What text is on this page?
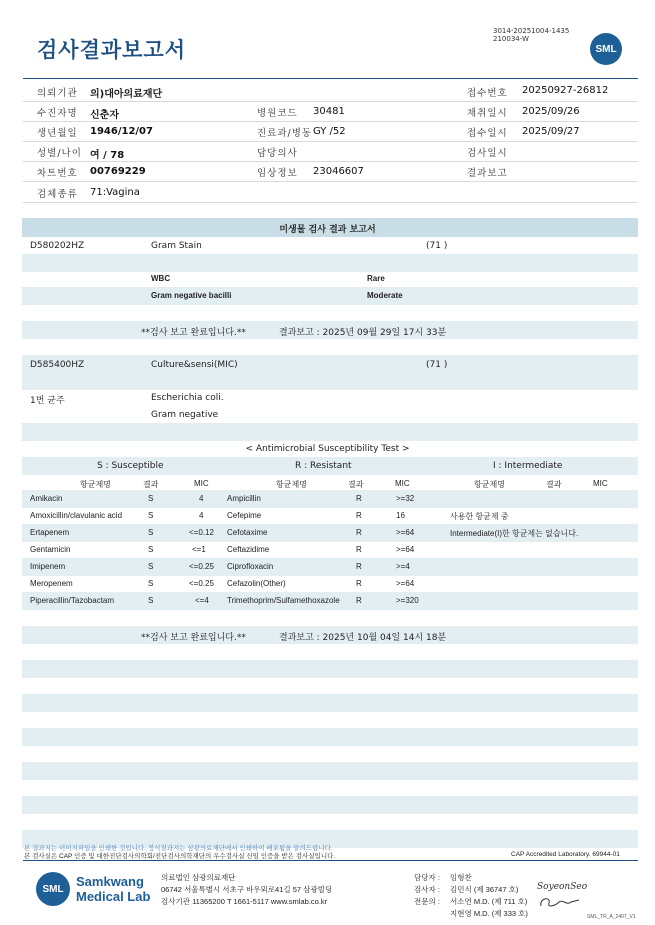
검사결과보고서
3014-20251004-1435
210034-W
SML
의뢰기관 의)대아의료재단	접수번호 20250927-26812
수진자명 신춘자	병원코드 30481	채취일시 2025/09/26
생년월일 1946/12/07	진료과/병동 GY /52	접수일시 2025/09/27
성별/나이 여 / 78	담당의사	검사일시
차트번호 00769229	임상정보 23046607	결과보고
검체종류 71:Vagina
미생물 검사 결과 보고서
D580202HZ	Gram Stain	(71 )
WBC	Rare
Gram negative bacilli	Moderate
**검사 보고 완료입니다.**	결과보고 : 2025년 09월 29일 17시 33분
D585400HZ	Culture&sensi(MIC)	(71 )
1번 균주	Escherichia coli.
Gram negative
< Antimicrobial Susceptibility Test >
S : Susceptible	R : Resistant	I : Intermediate
항균제명	결과	MIC	항균제명	결과	MIC	항균제명	결과	MIC
Amikacin	S	4	Ampicillin	R	>=32
Amoxicillin/clavulanic acid	S	4	Cefepime	R	16	사용한 항균제 중
Ertapenem	S	<=0.12 Cefotaxime	R	>=64	Intermediate(I)한 항균제는 없습니다.
Gentamicin	S	<=1	Ceftazidime	R	>=64
Imipenem	S	<=0.25 Ciprofloxacin	R	>=4
Meropenem	S	<=0.25 Cefazolin(Other)	R	>=64
Piperacillin/Tazobactam	S	<=4 Trimethoprim/Sulfamethoxazole R	>=320
**검사 보고 완료입니다.**	결과보고 : 2025년 10월 04일 14시 18분
본 결과지는 이미지파일을 인쇄한 것입니다. 정식결과지는 삼광의료재단에서 인쇄하여 배포됨을 알려드립니다.
본 검사실은 CAP 인증 및 대한진단검사의학회/진단검사의학재단의 우수검사실 신임 인증을 받은 검사실입니다.	CAP Accredited Laboratory. 69944-01
SML Samkwang
Medical Lab
의료법인 삼광의료재단
06742 서울특별시 서초구 바우뫼로41길 57 삼광빌딩
검사기관 11365200 T 1661-5117 www.smlab.co.kr
담당자 :
검사자 :
전문의 :
임형찬
김민식 (제 36747 호)
서소연 M.D. (제 711 호)
지현영 M.D. (제 333 호)
SoyeonSeo
SML_TR_A_2407_V1
